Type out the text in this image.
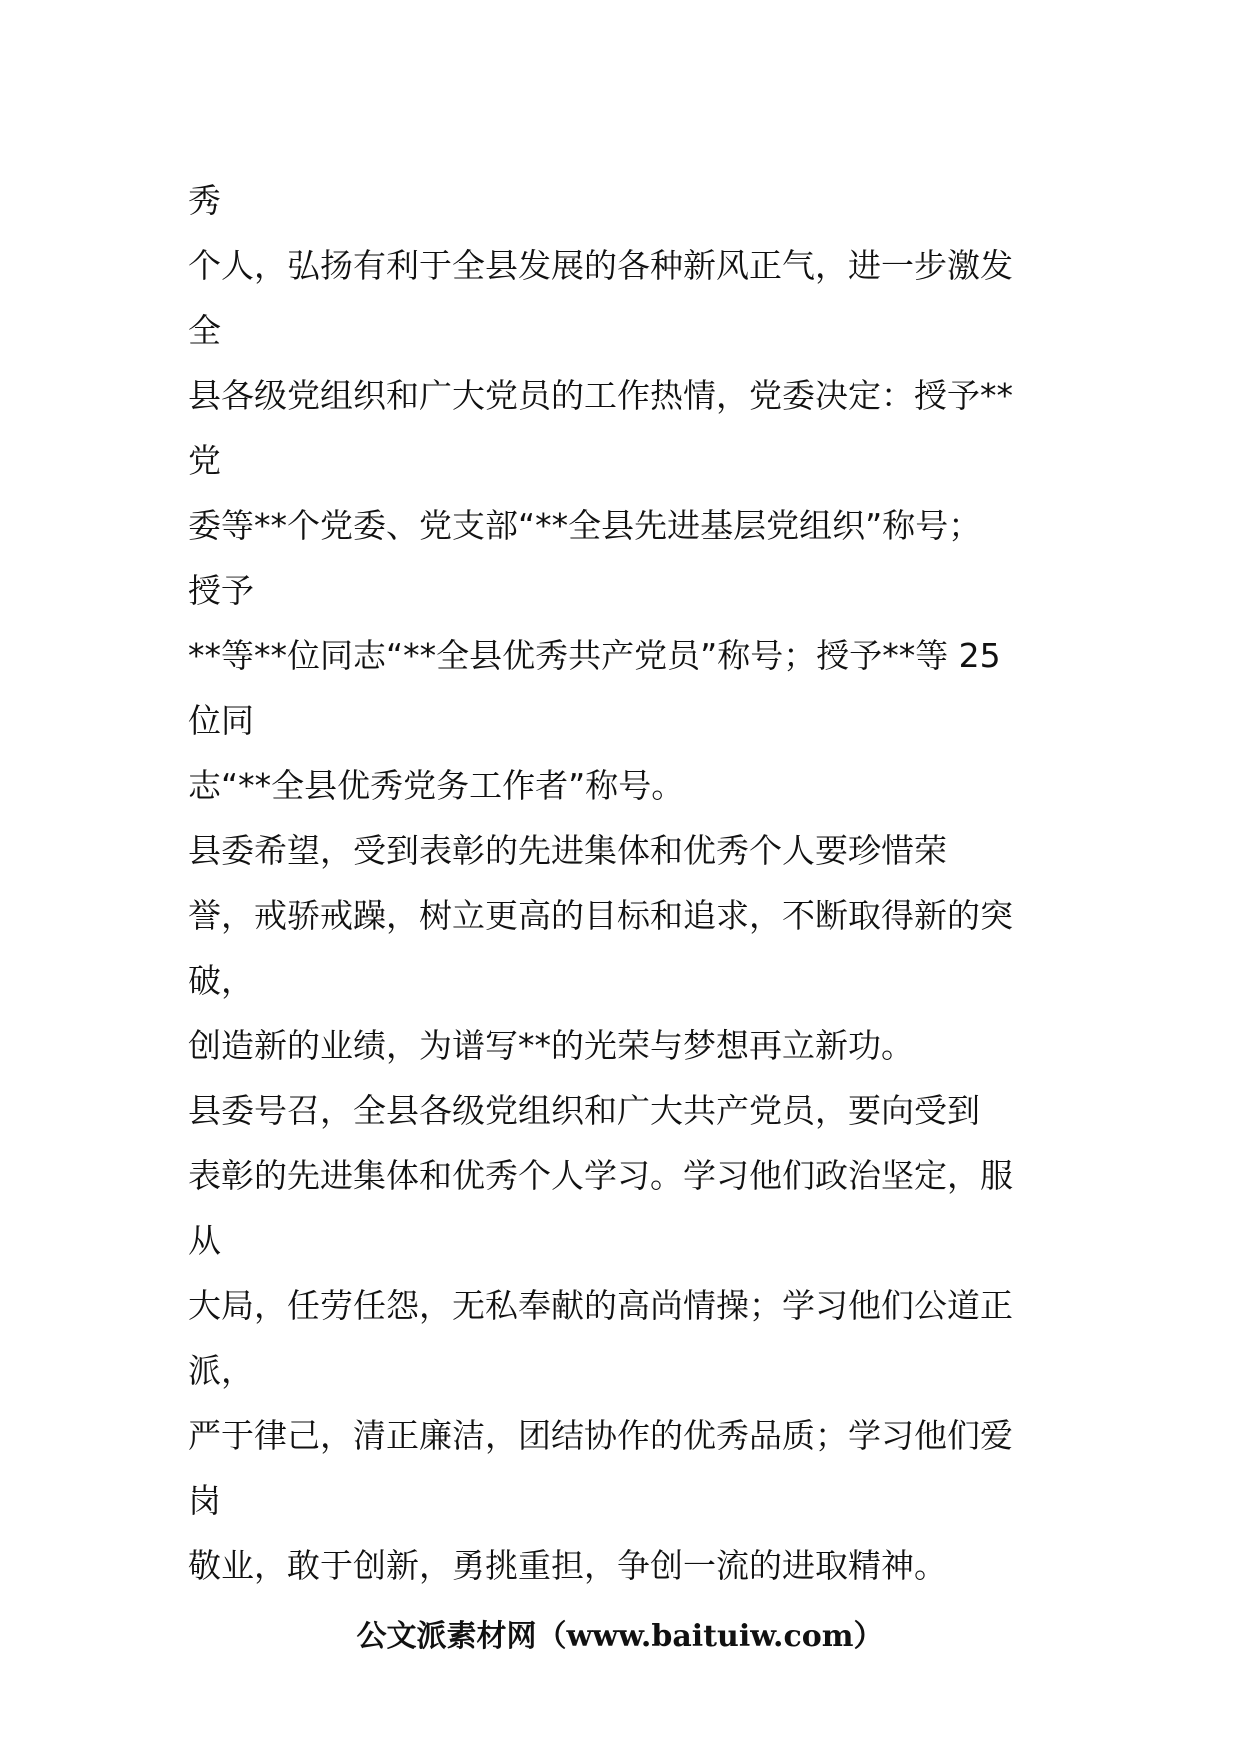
秀
个人，弘扬有利于全县发展的各种新风正气，进一步激发
全
县各级党组织和广大党员的工作热情，党委决定：授予**
党
委等**个党委、党支部“**全县先进基层党组织”称号；
授予
**等**位同志“**全县优秀共产党员”称号；授予**等 25
位同
志“**全县优秀党务工作者”称号。
县委希望，受到表彰的先进集体和优秀个人要珍惜荣
誉，戒骄戒躁，树立更高的目标和追求，不断取得新的突
破，
创造新的业绩，为谱写**的光荣与梦想再立新功。
县委号召，全县各级党组织和广大共产党员，要向受到
表彰的先进集体和优秀个人学习。学习他们政治坚定，服
从
大局，任劳任怨，无私奉献的高尚情操；学习他们公道正
派，
严于律己，清正廉洁，团结协作的优秀品质；学习他们爱
岗
敬业，敢于创新，勇挑重担，争创一流的进取精神。
公文派素材网（www.baituiw.com）
